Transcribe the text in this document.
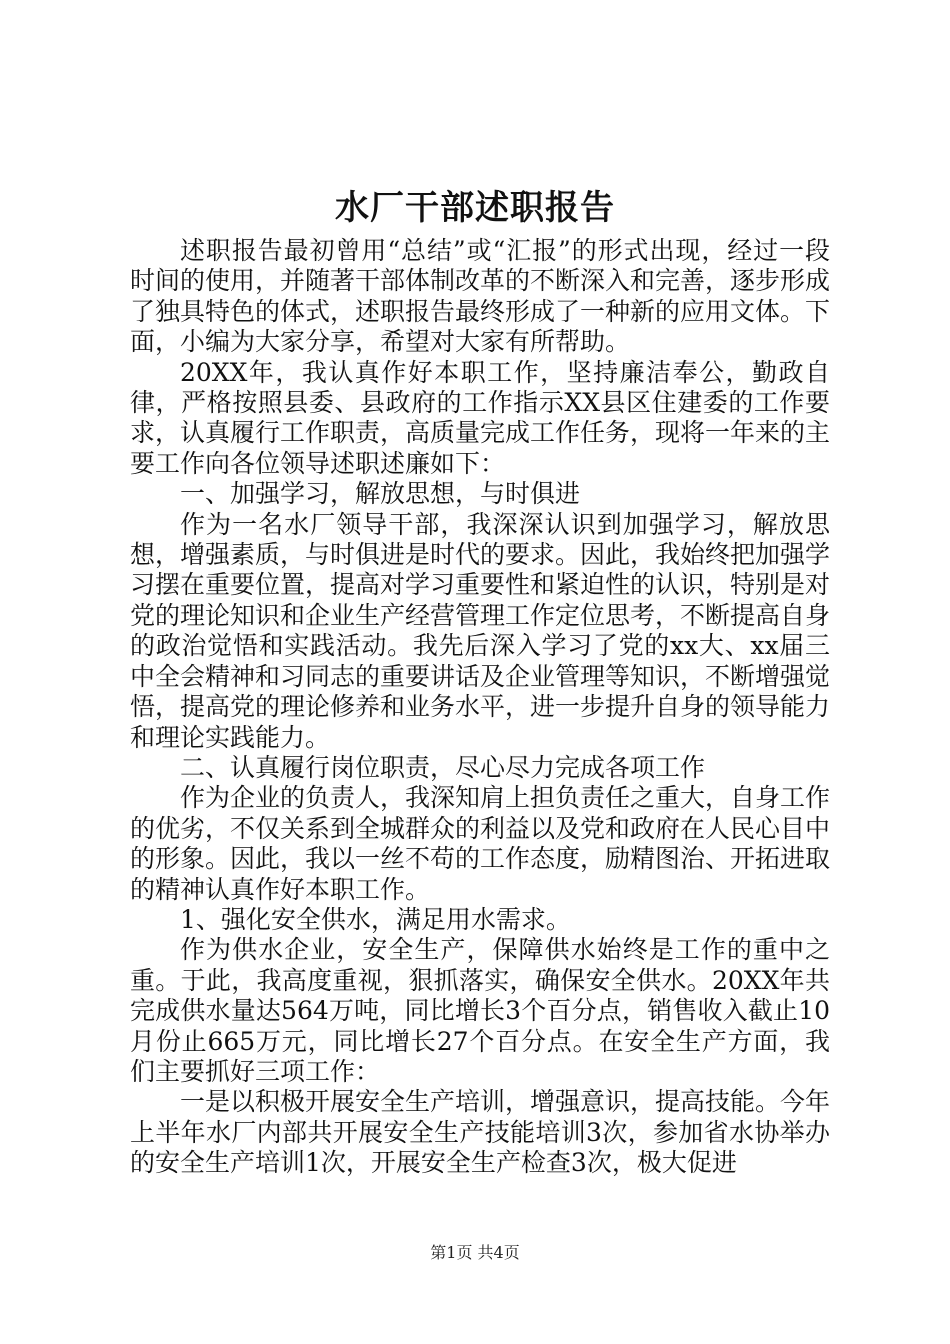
水厂干部述职报告

述职报告最初曾用“总结”或“汇报”的形式出现，经过一段时间的使用，并随著干部体制改革的不断深入和完善，逐步形成了独具特色的体式，述职报告最终形成了一种新的应用文体。下面，小编为大家分享，希望对大家有所帮助。

20XX年，我认真作好本职工作，坚持廉洁奉公，勤政自律，严格按照县委、县政府的工作指示XX县区住建委的工作要求，认真履行工作职责，高质量完成工作任务，现将一年来的主要工作向各位领导述职述廉如下：

一、加强学习，解放思想，与时俱进

作为一名水厂领导干部，我深深认识到加强学习，解放思想，增强素质，与时俱进是时代的要求。因此，我始终把加强学习摆在重要位置，提高对学习重要性和紧迫性的认识，特别是对党的理论知识和企业生产经营管理工作定位思考，不断提高自身的政治觉悟和实践活动。我先后深入学习了党的xx大、xx届三中全会精神和习同志的重要讲话及企业管理等知识，不断增强觉悟，提高党的理论修养和业务水平，进一步提升自身的领导能力和理论实践能力。

二、认真履行岗位职责，尽心尽力完成各项工作

作为企业的负责人，我深知肩上担负责任之重大，自身工作的优劣，不仅关系到全城群众的利益以及党和政府在人民心目中的形象。因此，我以一丝不苟的工作态度，励精图治、开拓进取的精神认真作好本职工作。

1、强化安全供水，满足用水需求。

作为供水企业，安全生产，保障供水始终是工作的重中之重。于此，我高度重视，狠抓落实，确保安全供水。20XX年共完成供水量达564万吨，同比增长3个百分点，销售收入截止10月份止665万元，同比增长27个百分点。在安全生产方面，我们主要抓好三项工作：

一是以积极开展安全生产培训，增强意识，提高技能。今年上半年水厂内部共开展安全生产技能培训3次，参加省水协举办的安全生产培训1次，开展安全生产检查3次，极大促进

第1页 共4页
